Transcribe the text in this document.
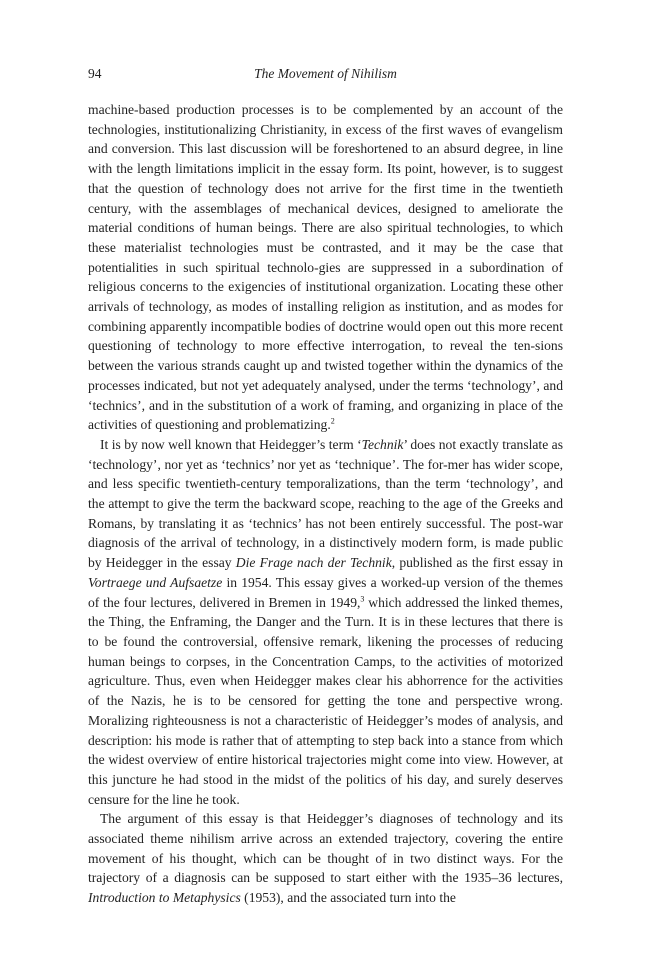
94	The Movement of Nihilism

machine-based production processes is to be complemented by an account of the technologies, institutionalizing Christianity, in excess of the first waves of evangelism and conversion. This last discussion will be foreshortened to an absurd degree, in line with the length limitations implicit in the essay form. Its point, however, is to suggest that the question of technology does not arrive for the first time in the twentieth century, with the assemblages of mechanical devices, designed to ameliorate the material conditions of human beings. There are also spiritual technologies, to which these materialist technologies must be contrasted, and it may be the case that potentialities in such spiritual technolo-gies are suppressed in a subordination of religious concerns to the exigencies of institutional organization. Locating these other arrivals of technology, as modes of installing religion as institution, and as modes for combining apparently incompatible bodies of doctrine would open out this more recent questioning of technology to more effective interrogation, to reveal the ten-sions between the various strands caught up and twisted together within the dynamics of the processes indicated, but not yet adequately analysed, under the terms ‘technology’, and ‘technics’, and in the substitution of a work of framing, and organizing in place of the activities of questioning and problematizing.$^2$

It is by now well known that Heidegger’s term ‘Technik’ does not exactly translate as ‘technology’, nor yet as ‘technics’ nor yet as ‘technique’. The for-mer has wider scope, and less specific twentieth-century temporalizations, than the term ‘technology’, and the attempt to give the term the backward scope, reaching to the age of the Greeks and Romans, by translating it as ‘technics’ has not been entirely successful. The post-war diagnosis of the arrival of technology, in a distinctively modern form, is made public by Heidegger in the essay Die Frage nach der Technik, published as the first essay in Vortraege und Aufsaetze in 1954. This essay gives a worked-up version of the themes of the four lectures, delivered in Bremen in 1949,$^3$ which addressed the linked themes, the Thing, the Enframing, the Danger and the Turn. It is in these lectures that there is to be found the controversial, offensive remark, likening the processes of reducing human beings to corpses, in the Concentration Camps, to the activities of motorized agriculture. Thus, even when Heidegger makes clear his abhorrence for the activities of the Nazis, he is to be censored for getting the tone and perspective wrong. Moralizing righteousness is not a characteristic of Heidegger’s modes of analysis, and description: his mode is rather that of attempting to step back into a stance from which the widest overview of entire historical trajectories might come into view. However, at this juncture he had stood in the midst of the politics of his day, and surely deserves censure for the line he took.

The argument of this essay is that Heidegger’s diagnoses of technology and its associated theme nihilism arrive across an extended trajectory, covering the entire movement of his thought, which can be thought of in two distinct ways. For the trajectory of a diagnosis can be supposed to start either with the 1935–36 lectures, Introduction to Metaphysics (1953), and the associated turn into the
